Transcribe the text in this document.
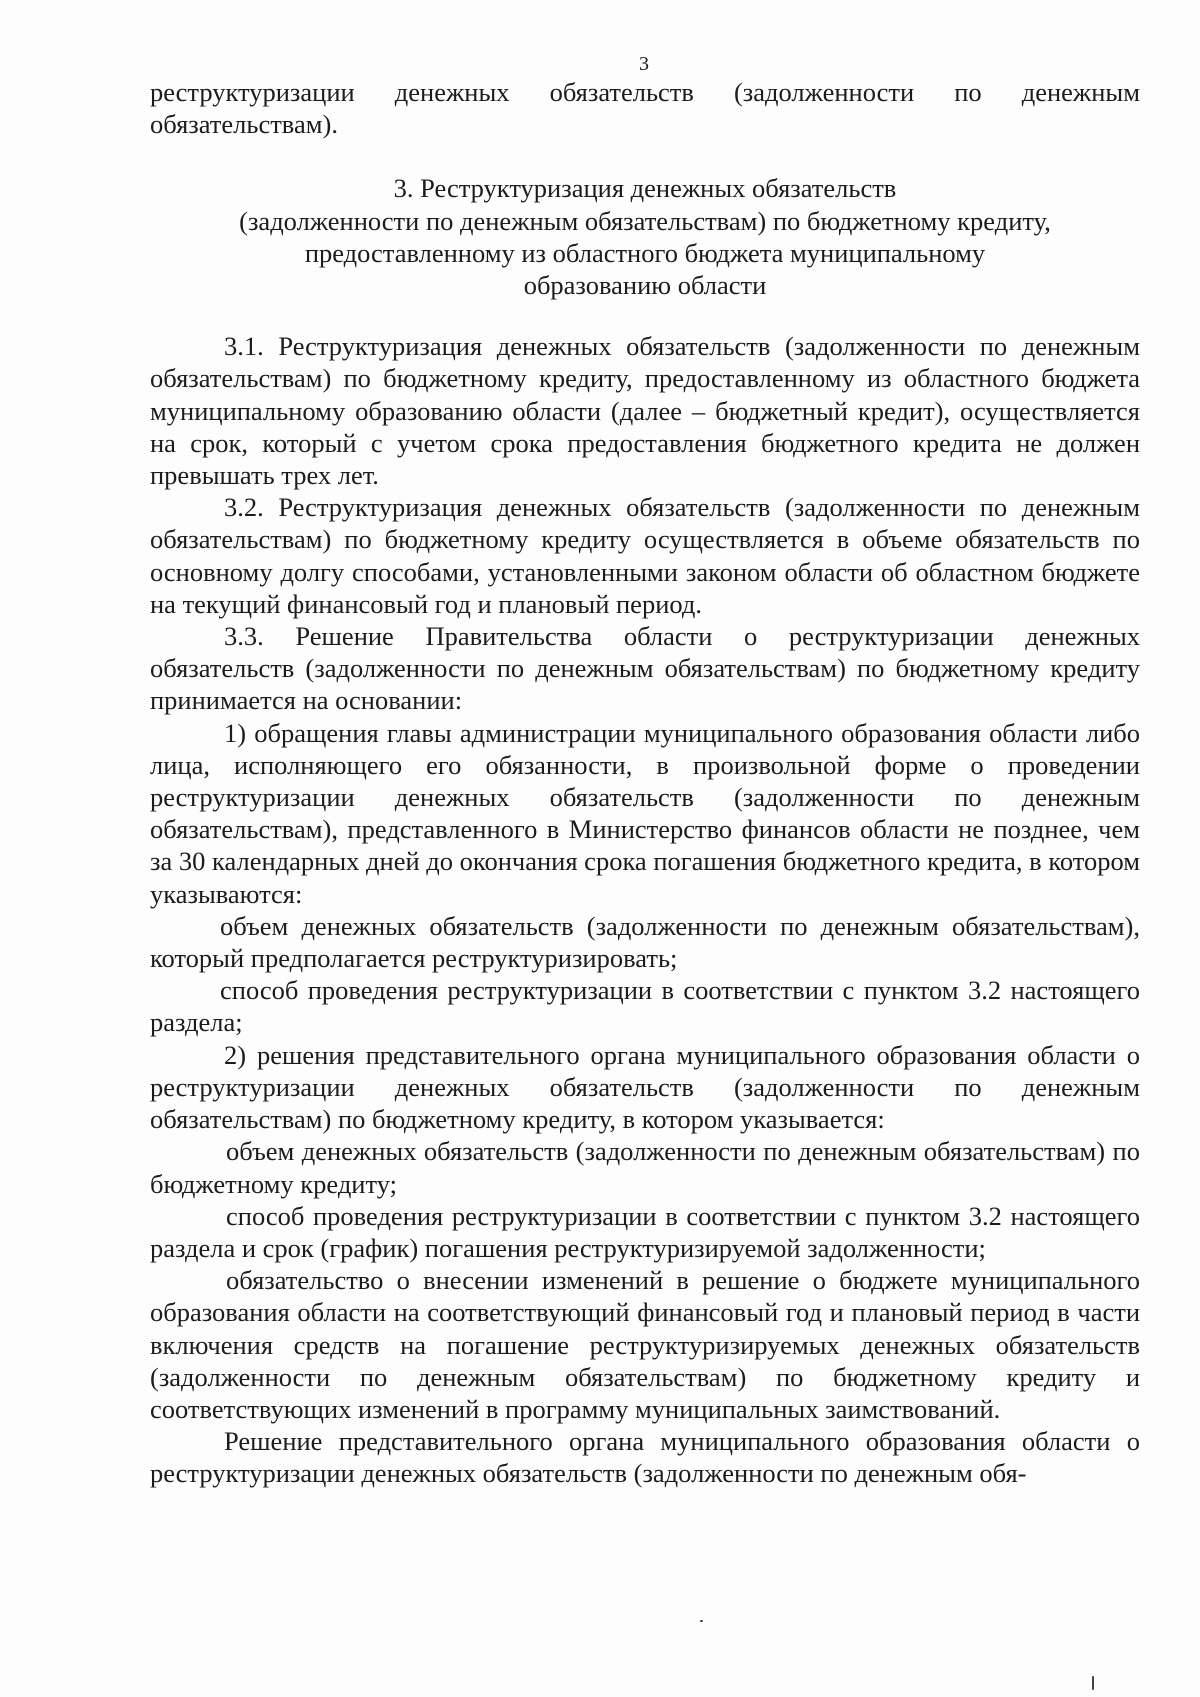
3

реструктуризации денежных обязательств (задолженности по денежным обязательствам).

3. Реструктуризация денежных обязательств
(задолженности по денежным обязательствам) по бюджетному кредиту,
предоставленному из областного бюджета муниципальному
образованию области

3.1. Реструктуризация денежных обязательств (задолженности по денежным обязательствам) по бюджетному кредиту, предоставленному из областного бюджета муниципальному образованию области (далее – бюджетный кредит), осуществляется на срок, который с учетом срока предоставления бюджетного кредита не должен превышать трех лет.

3.2. Реструктуризация денежных обязательств (задолженности по денежным обязательствам) по бюджетному кредиту осуществляется в объеме обязательств по основному долгу способами, установленными законом области об областном бюджете на текущий финансовый год и плановый период.

3.3. Решение Правительства области о реструктуризации денежных обязательств (задолженности по денежным обязательствам) по бюджетному кредиту принимается на основании:

1) обращения главы администрации муниципального образования области либо лица, исполняющего его обязанности, в произвольной форме о проведении реструктуризации денежных обязательств (задолженности по денежным обязательствам), представленного в Министерство финансов области не позднее, чем за 30 календарных дней до окончания срока погашения бюджетного кредита, в котором указываются:

объем денежных обязательств (задолженности по денежным обязательствам), который предполагается реструктуризировать;

способ проведения реструктуризации в соответствии с пунктом 3.2 настоящего раздела;

2) решения представительного органа муниципального образования области о реструктуризации денежных обязательств (задолженности по денежным обязательствам) по бюджетному кредиту, в котором указывается:

объем денежных обязательств (задолженности по денежным обязательствам) по бюджетному кредиту;

способ проведения реструктуризации в соответствии с пунктом 3.2 настоящего раздела и срок (график) погашения реструктуризируемой задолженности;

обязательство о внесении изменений в решение о бюджете муниципального образования области на соответствующий финансовый год и плановый период в части включения средств на погашение реструктуризируемых денежных обязательств (задолженности по денежным обязательствам) по бюджетному кредиту и соответствующих изменений в программу муниципальных заимствований.

Решение представительного органа муниципального образования области о реструктуризации денежных обязательств (задолженности по денежным обя-
